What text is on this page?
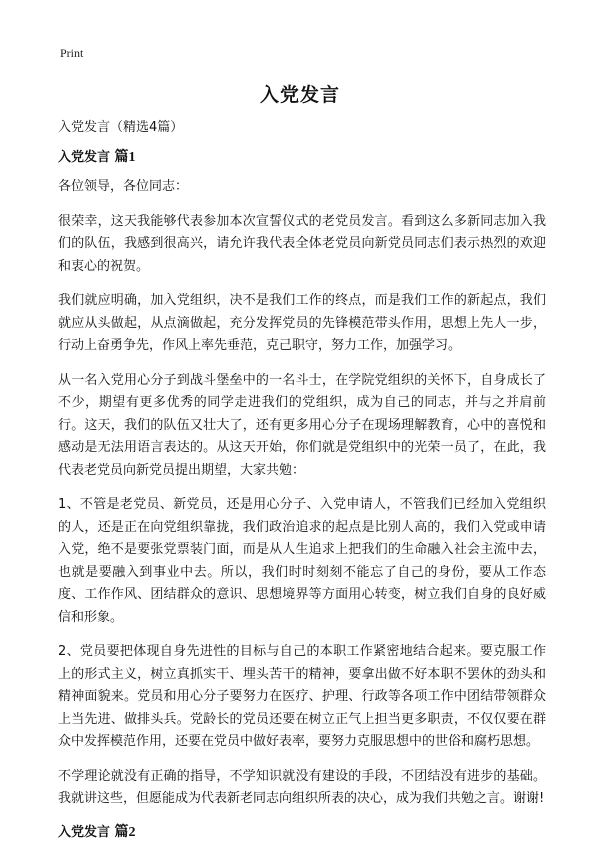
Print
入党发言
入党发言（精选4篇）
入党发言 篇1

各位领导，各位同志：

很荣幸，这天我能够代表参加本次宣誓仪式的老党员发言。看到这么多新同志加入我们的队伍，我感到很高兴，请允许我代表全体老党员向新党员同志们表示热烈的欢迎和衷心的祝贺。

我们就应明确，加入党组织，决不是我们工作的终点，而是我们工作的新起点，我们就应从头做起，从点滴做起，充分发挥党员的先锋模范带头作用，思想上先人一步，行动上奋勇争先，作风上率先垂范，克己职守，努力工作，加强学习。

从一名入党用心分子到战斗堡垒中的一名斗士，在学院党组织的关怀下，自身成长了不少，期望有更多优秀的同学走进我们的党组织，成为自己的同志，并与之并肩前行。这天，我们的队伍又壮大了，还有更多用心分子在现场理解教育，心中的喜悦和感动是无法用语言表达的。从这天开始，你们就是党组织中的光荣一员了，在此，我代表老党员向新党员提出期望，大家共勉：

1、不管是老党员、新党员，还是用心分子、入党申请人，不管我们已经加入党组织的人，还是正在向党组织靠拢，我们政治追求的起点是比别人高的，我们入党或申请入党，绝不是要张党票装门面，而是从人生追求上把我们的生命融入社会主流中去，也就是要融入到事业中去。所以，我们时时刻刻不能忘了自己的身份，要从工作态度、工作作风、团结群众的意识、思想境界等方面用心转变，树立我们自身的良好威信和形象。

2、党员要把体现自身先进性的目标与自己的本职工作紧密地结合起来。要克服工作上的形式主义，树立真抓实干、埋头苦干的精神，要拿出做不好本职不罢休的劲头和精神面貌来。党员和用心分子要努力在医疗、护理、行政等各项工作中团结带领群众上当先进、做排头兵。党龄长的党员还要在树立正气上担当更多职责，不仅仅要在群众中发挥模范作用，还要在党员中做好表率，要努力克服思想中的世俗和腐朽思想。

不学理论就没有正确的指导，不学知识就没有建设的手段，不团结没有进步的基础。我就讲这些，但愿能成为代表新老同志向组织所表的决心，成为我们共勉之言。谢谢!

入党发言 篇2
